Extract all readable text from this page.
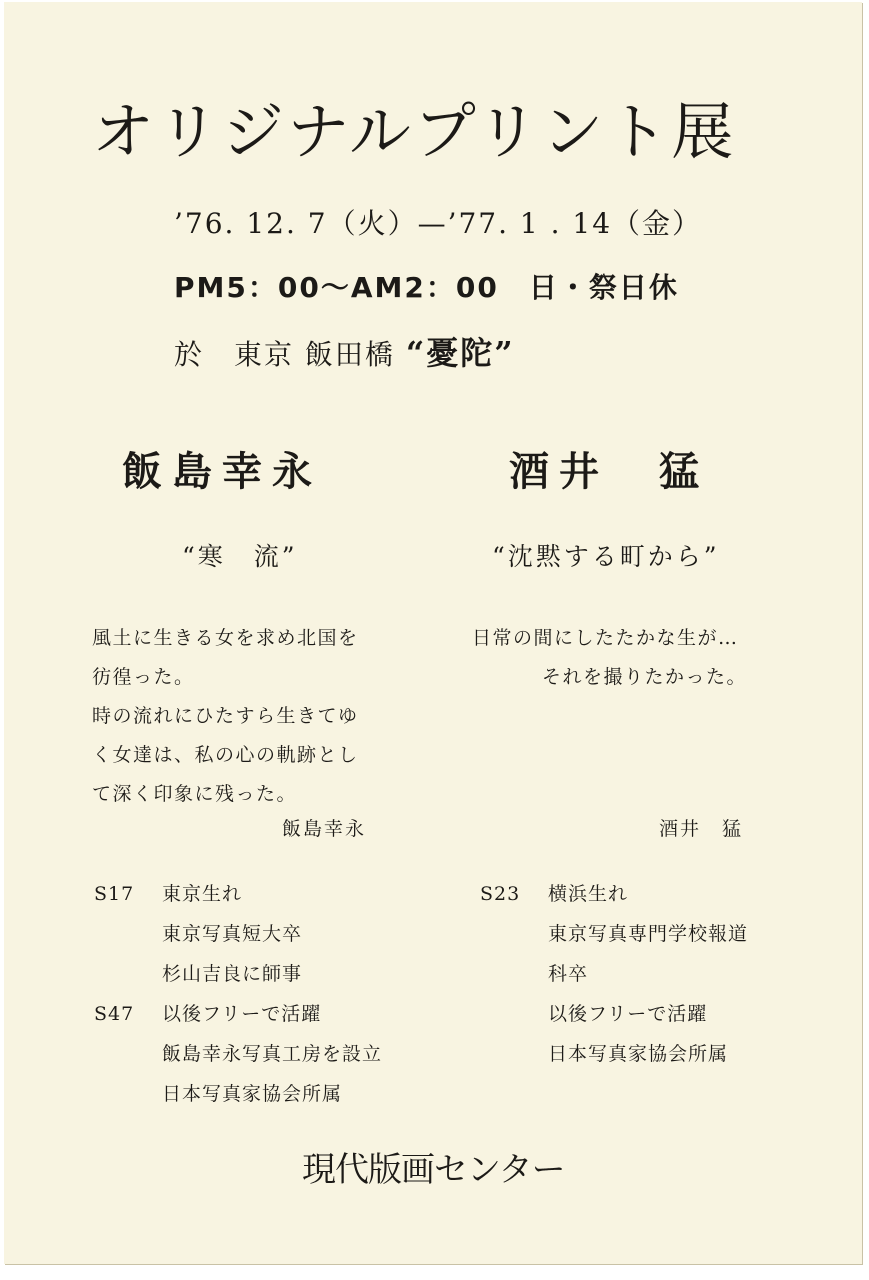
オリジナルプリント展
’76. 12. 7（火）—’77. 1 . 14（金）
PM5：00～AM2：00　日・祭日休
於　東京 飯田橋 “憂陀”
飯島幸永	酒井　猛
“寒　流”	“沈黙する町から”
風土に生きる女を求め北国を
彷徨った。
時の流れにひたすら生きてゆ
く女達は、私の心の軌跡とし
て深く印象に残った。
日常の間にしたたかな生が…
それを撮りたかった。
飯島幸永	酒井　猛
S17	東京生れ
東京写真短大卒
杉山吉良に師事
S47	以後フリーで活躍
飯島幸永写真工房を設立
日本写真家協会所属
S23	横浜生れ
東京写真専門学校報道
科卒
以後フリーで活躍
日本写真家協会所属
現代版画センター
